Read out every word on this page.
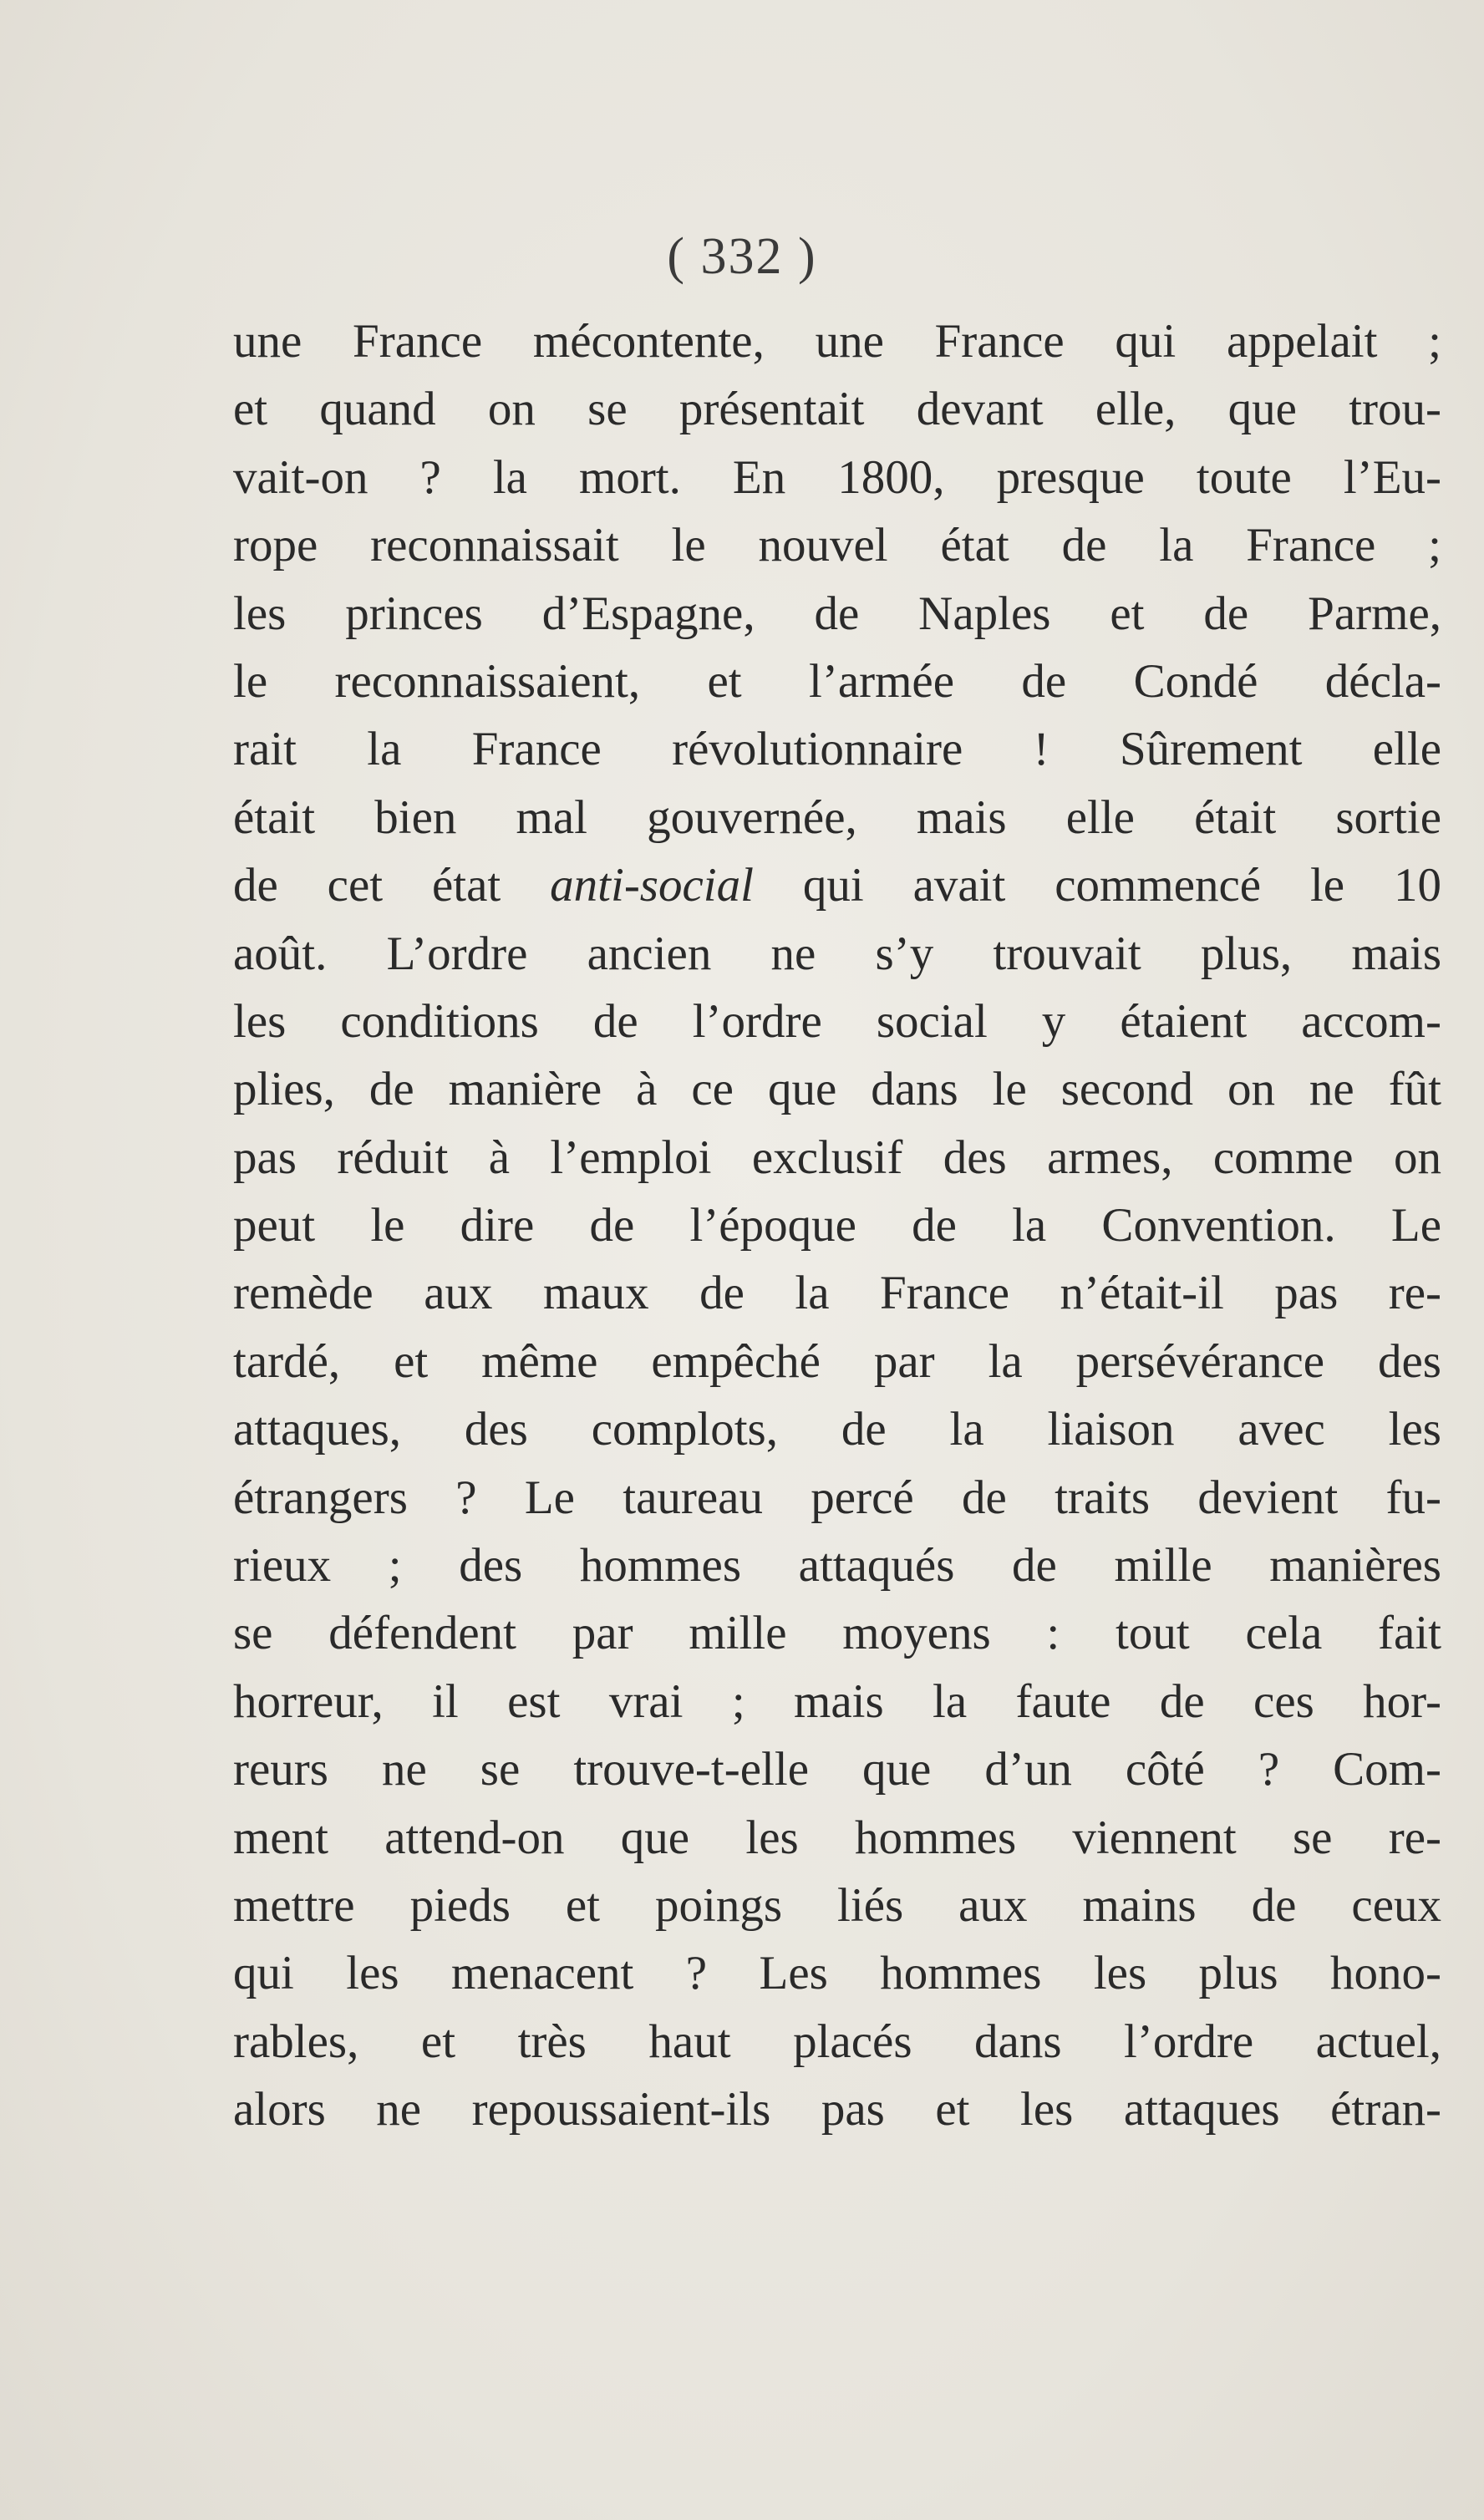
( 332 )
une France mécontente, une France qui appelait ;
et quand on se présentait devant elle, que trou-
vait-on ? la mort. En 1800, presque toute l’Eu-
rope reconnaissait le nouvel état de la France ;
les princes d’Espagne, de Naples et de Parme,
le reconnaissaient, et l’armée de Condé décla-
rait la France révolutionnaire ! Sûrement elle
était bien mal gouvernée, mais elle était sortie
de cet état anti-social qui avait commencé le 10
août. L’ordre ancien ne s’y trouvait plus, mais
les conditions de l’ordre social y étaient accom-
plies, de manière à ce que dans le second on ne fût
pas réduit à l’emploi exclusif des armes, comme on
peut le dire de l’époque de la Convention. Le
remède aux maux de la France n’était-il pas re-
tardé, et même empêché par la persévérance des
attaques, des complots, de la liaison avec les
étrangers ? Le taureau percé de traits devient fu-
rieux ; des hommes attaqués de mille manières
se défendent par mille moyens : tout cela fait
horreur, il est vrai ; mais la faute de ces hor-
reurs ne se trouve-t-elle que d’un côté ? Com-
ment attend-on que les hommes viennent se re-
mettre pieds et poings liés aux mains de ceux
qui les menacent ? Les hommes les plus hono-
rables, et très haut placés dans l’ordre actuel,
alors ne repoussaient-ils pas et les attaques étran-
